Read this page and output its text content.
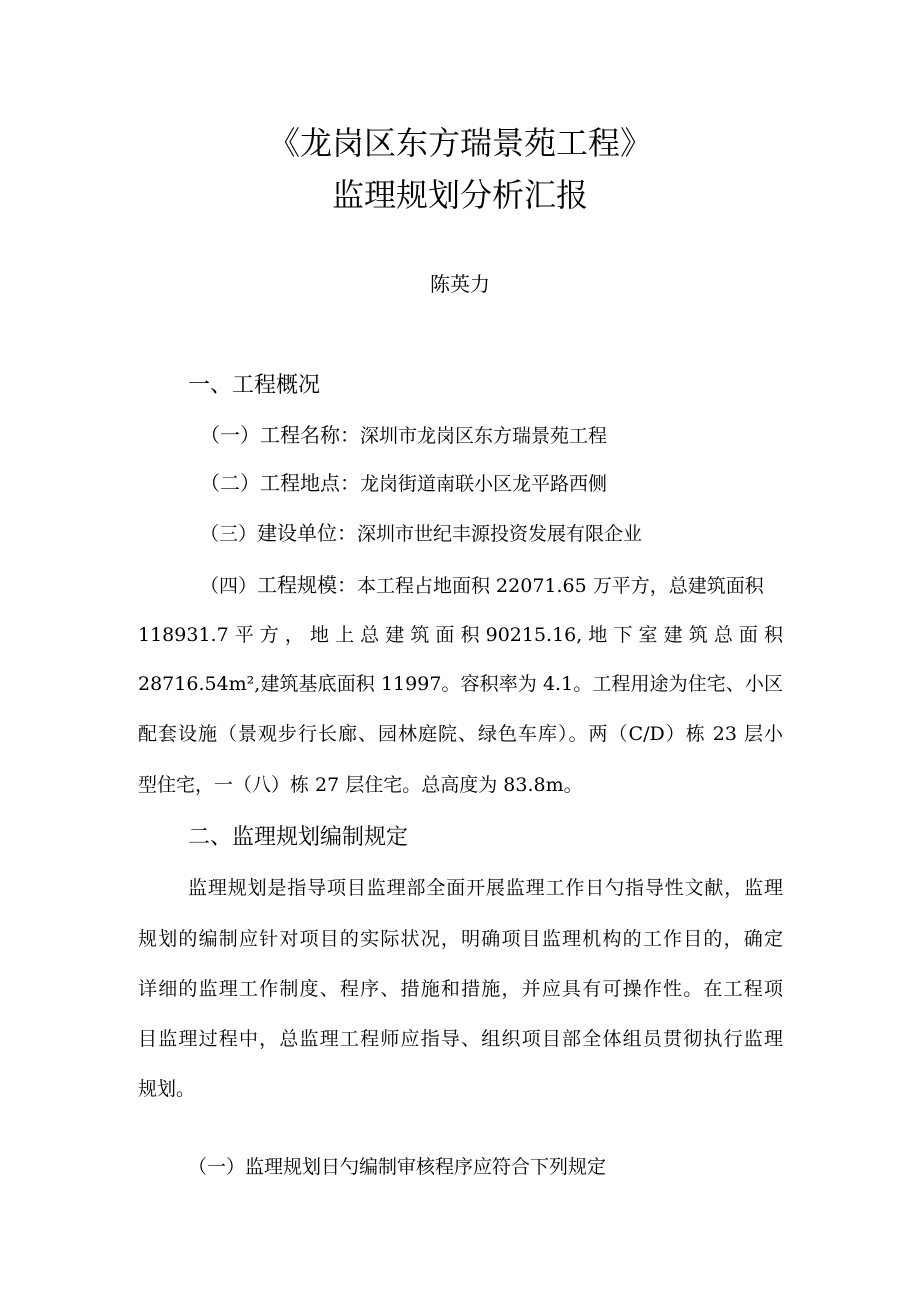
《龙岗区东方瑞景苑工程》
监理规划分析汇报
陈英力
一、工程概况
（一）工程名称：深圳市龙岗区东方瑞景苑工程
（二）工程地点：龙岗街道南联小区龙平路西侧
（三）建设单位：深圳市世纪丰源投资发展有限企业
（四）工程规模：本工程占地面积 22071.65 万平方，总建筑面积
118931.7 平 方 ， 地 上 总 建 筑 面 积 90215.16, 地 下 室 建 筑 总 面 积
28716.54m²,建筑基底面积 11997。容积率为 4.1。工程用途为住宅、小区
配套设施（景观步行长廊、园林庭院、绿色车库）。两（C/D）栋 23 层小
型住宅，一（八）栋 27 层住宅。总高度为 83.8m。
二、监理规划编制规定
监理规划是指导项目监理部全面开展监理工作日勺指导性文献，监理
规划的编制应针对项目的实际状况，明确项目监理机构的工作目的，确定
详细的监理工作制度、程序、措施和措施，并应具有可操作性。在工程项
目监理过程中，总监理工程师应指导、组织项目部全体组员贯彻执行监理
规划。
（一）监理规划日勺编制审核程序应符合下列规定
